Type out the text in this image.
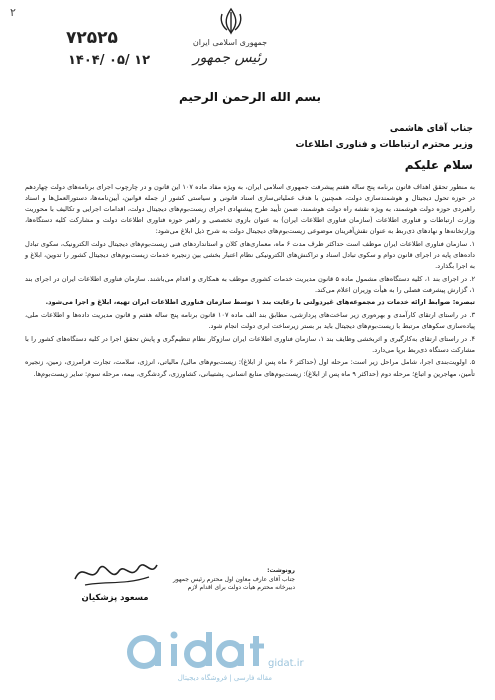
۲
۷۲۵۲۵
۱۴۰۴/ ۰۵/ ۱۲
جمهوری اسلامی ایران
رئیس جمهور
بسم الله الرحمن الرحیم
جناب آقای هاشمی
وزیر محترم ارتباطات و فناوری اطلاعات
سلام علیکم

به منظور تحقق اهداف قانون برنامه پنج ساله هفتم پیشرفت جمهوری اسلامی ایران، به ویژه مفاد ماده ۱۰۷ این قانون و در چارچوب اجرای برنامه‌های دولت چهاردهم در حوزه تحول دیجیتال و هوشمندسازی دولت، همچنین با هدف عملیاتی‌سازی اسناد قانونی و سیاستی کشور از جمله قوانین، آیین‌نامه‌ها، دستورالعمل‌ها و اسناد راهبردی حوزه دولت هوشمند، به ویژه نقشه راه دولت هوشمند، ضمن تأیید طرح پیشنهادی اجرای زیست‌بوم‌های دیجیتال دولت، اقدامات اجرایی و تکالیف با محوریت وزارت ارتباطات و فناوری اطلاعات (سازمان فناوری اطلاعات ایران) به عنوان بازوی تخصصی و راهبر حوزه فناوری اطلاعات دولت و مشارکت کلیه دستگاه‌ها، وزارتخانه‌ها و نهادهای ذی‌ربط به عنوان نقش‌آفرینان موضوعی زیست‌بوم‌های دیجیتال دولت به شرح ذیل ابلاغ می‌شود:

۱. سازمان فناوری اطلاعات ایران موظف است حداکثر ظرف مدت ۶ ماه، معماری‌های کلان و استانداردهای فنی زیست‌بوم‌های دیجیتال دولت الکترونیک، سکوی تبادل داده‌های پایه در اجرای قانون دوام و سکوی تبادل اسناد و تراکنش‌های الکترونیکی نظام اعتبار بخشی بین زنجیره خدمات زیست‌بوم‌های دیجیتال کشور را تدوین، ابلاغ و به اجرا بگذارد.

۲. در اجرای بند ۱، کلیه دستگاه‌های مشمول ماده ۵ قانون مدیریت خدمات کشوری موظف به همکاری و اقدام می‌باشند. سازمان فناوری اطلاعات ایران در اجرای بند ۱، گزارش پیشرفت فصلی را به هیأت وزیران اعلام می‌کند.

تبصره: ضوابط ارائه خدمات در مجموعه‌های غیردولتی با رعایت بند ۱ توسط سازمان فناوری اطلاعات ایران تهیه، ابلاغ و اجرا می‌شود.

۳. در راستای ارتقای کارآمدی و بهره‌وری زیر ساخت‌های پردازشی، مطابق بند الف ماده ۱۰۷ قانون برنامه پنج ساله هفتم و قانون مدیریت داده‌ها و اطلاعات ملی، پیاده‌سازی سکوهای مرتبط با زیست‌بوم‌های دیجیتال باید بر بستر زیرساخت ابری دولت انجام شود.

۴. در راستای ارتقای به‌کارگیری و اثربخشی وظایف بند ۱، سازمان فناوری اطلاعات ایران سازوکار نظام تنظیم‌گری و پایش تحقق اجرا در کلیه دستگاه‌های کشور را با مشارکت دستگاه ذی‌ربط برپا می‌دارد.

۵. اولویت‌بندی اجرا، شامل مراحل زیر است: مرحله اول (حداکثر ۶ ماه پس از ابلاغ): زیست‌بوم‌های مالی/ مالیاتی، انرژی، سلامت، تجارت فرامرزی، زمین، زنجیره تأمین، مهاجرین و اتباع؛ مرحله دوم (حداکثر ۹ ماه پس از ابلاغ): زیست‌بوم‌های منابع انسانی، پشتیبانی، کشاورزی، گردشگری، بیمه، مرحله سوم: سایر زیست‌بوم‌ها.

مسعود پزشکیان
رونوشت:
جناب آقای عارف معاون اول محترم رئیس جمهور
دبیرخانه محترم هیأت دولت برای اقدام لازم
gidat.ir
مقاله فارسی | فروشگاه دیجیتال
